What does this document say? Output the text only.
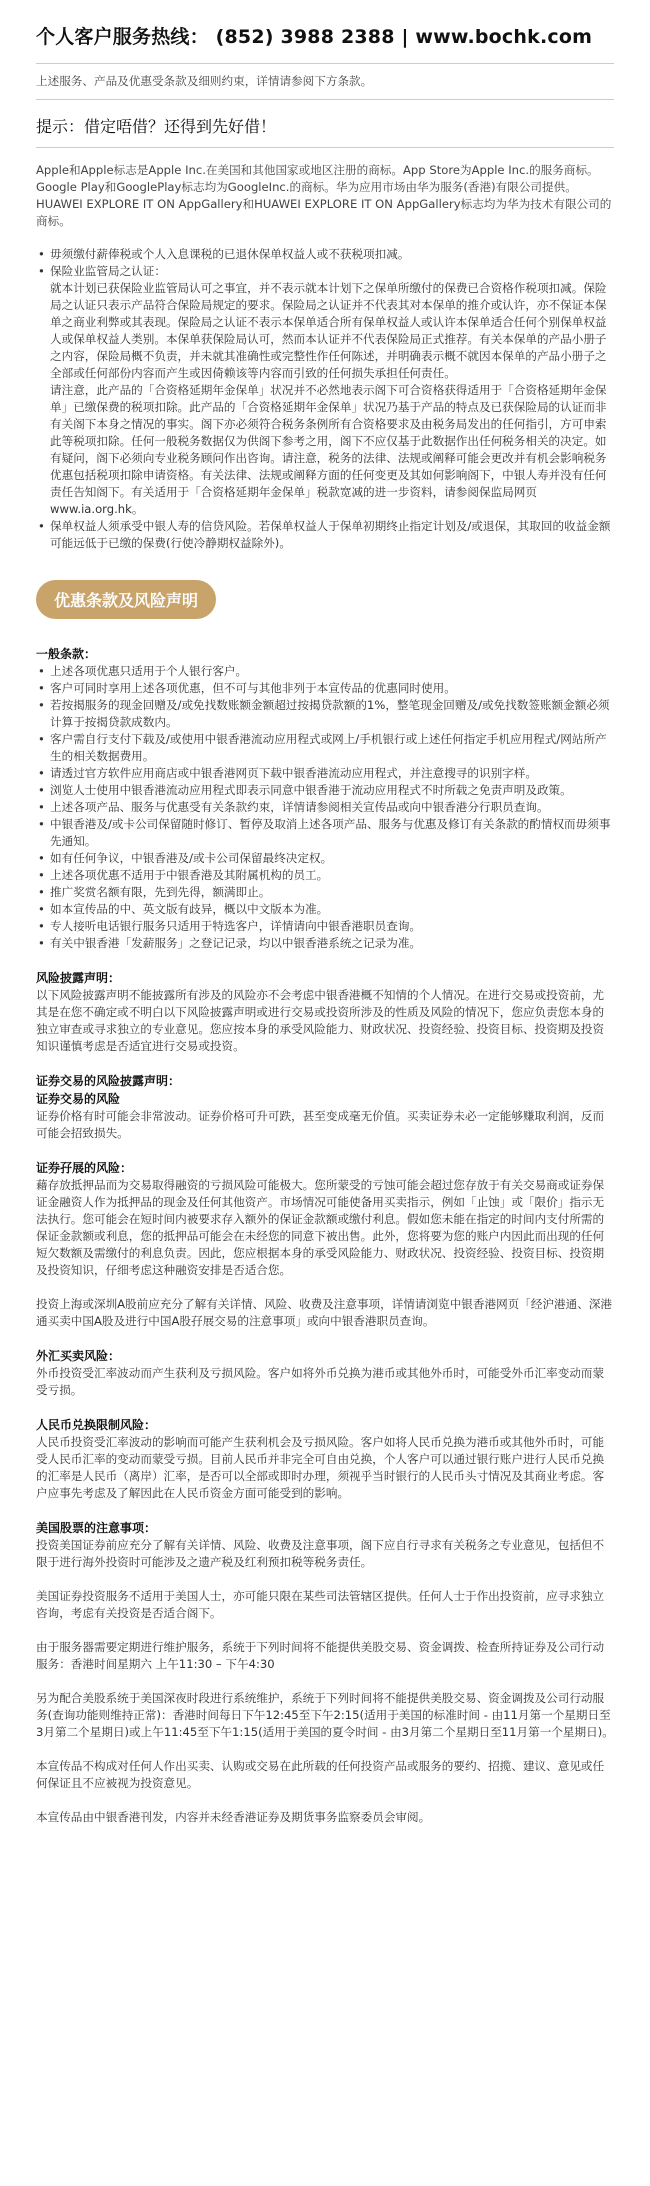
个人客户服务热线： (852) 3988 2388 | www.bochk.com

上述服务、产品及优惠受条款及细则约束，详情请参阅下方条款。

提示：借定唔借？还得到先好借！

Apple和Apple标志是Apple Inc.在美国和其他国家或地区注册的商标。App Store为Apple Inc.的服务商标。Google Play和GooglePlay标志均为GoogleInc.的商标。华为应用市场由华为服务(香港)有限公司提供。HUAWEI EXPLORE IT ON AppGallery和HUAWEI EXPLORE IT ON AppGallery标志均为华为技术有限公司的商标。

• 毋须缴付薪俸税或个人入息课税的已退休保单权益人或不获税项扣减。
• 保险业监管局之认证：

就本计划已获保险业监管局认可之事宜，并不表示就本计划下之保单所缴付的保费已合资格作税项扣减。保险局之认证只表示产品符合保险局规定的要求。保险局之认证并不代表其对本保单的推介或认许，亦不保证本保单之商业利弊或其表现。保险局之认证不表示本保单适合所有保单权益人或认许本保单适合任何个别保单权益人或保单权益人类别。本保单获保险局认可，然而本认证并不代表保险局正式推荐。有关本保单的产品小册子之内容，保险局概不负责，并未就其准确性或完整性作任何陈述，并明确表示概不就因本保单的产品小册子之全部或任何部份内容而产生或因倚赖该等内容而引致的任何损失承担任何责任。

请注意，此产品的「合资格延期年金保单」状况并不必然地表示阁下可合资格获得适用于「合资格延期年金保单」已缴保费的税项扣除。此产品的「合资格延期年金保单」状况乃基于产品的特点及已获保险局的认证而非有关阁下本身之情况的事实。阁下亦必须符合税务条例所有合资格要求及由税务局发出的任何指引，方可申索此等税项扣除。任何一般税务数据仅为供阁下参考之用，阁下不应仅基于此数据作出任何税务相关的决定。如有疑问，阁下必须向专业税务顾问作出咨询。请注意，税务的法律、法规或阐释可能会更改并有机会影响税务优惠包括税项扣除申请资格。有关法律、法规或阐释方面的任何变更及其如何影响阁下，中银人寿并没有任何责任告知阁下。有关适用于「合资格延期年金保单」税款宽减的进一步资料，请参阅保监局网页www.ia.org.hk。

• 保单权益人须承受中银人寿的信贷风险。若保单权益人于保单初期终止指定计划及/或退保，其取回的收益金额可能远低于已缴的保费(行使冷静期权益除外)。
优惠条款及风险声明
一般条款：
• 上述各项优惠只适用于个人银行客户。
• 客户可同时享用上述各项优惠，但不可与其他非列于本宣传品的优惠同时使用。
• 若按揭服务的现金回赠及/或免找数账额金额超过按揭贷款额的1%，整笔现金回赠及/或免找数签账额金额必须计算于按揭贷款成数内。
• 客户需自行支付下载及/或使用中银香港流动应用程式或网上/手机银行或上述任何指定手机应用程式/网站所产生的相关数据费用。
• 请透过官方软件应用商店或中银香港网页下载中银香港流动应用程式，并注意搜寻的识别字样。
• 浏览人士使用中银香港流动应用程式即表示同意中银香港于流动应用程式不时所载之免责声明及政策。
• 上述各项产品、服务与优惠受有关条款约束，详情请参阅相关宣传品或向中银香港分行职员查询。
• 中银香港及/或卡公司保留随时修订、暂停及取消上述各项产品、服务与优惠及修订有关条款的酌情权而毋须事先通知。
• 如有任何争议，中银香港及/或卡公司保留最终决定权。
• 上述各项优惠不适用于中银香港及其附属机构的员工。
• 推广奖赏名额有限，先到先得，额满即止。
• 如本宣传品的中、英文版有歧异，概以中文版本为准。
• 专人接听电话银行服务只适用于特选客户，详情请向中银香港职员查询。
• 有关中银香港「发薪服务」之登记记录，均以中银香港系统之记录为准。
风险披露声明：

以下风险披露声明不能披露所有涉及的风险亦不会考虑中银香港概不知情的个人情况。在进行交易或投资前，尤其是在您不确定或不明白以下风险披露声明或进行交易或投资所涉及的性质及风险的情况下，您应负责您本身的独立审查或寻求独立的专业意见。您应按本身的承受风险能力、财政状况、投资经验、投资目标、投资期及投资知识谨慎考虑是否适宜进行交易或投资。

证券交易的风险披露声明：
证券交易的风险

证券价格有时可能会非常波动。证券价格可升可跌，甚至变成毫无价值。买卖证券未必一定能够赚取利润，反而可能会招致损失。

证券孖展的风险：

藉存放抵押品而为交易取得融资的亏损风险可能极大。您所蒙受的亏蚀可能会超过您存放于有关交易商或证券保证金融资人作为抵押品的现金及任何其他资产。市场情况可能使备用买卖指示，例如「止蚀」或「限价」指示无法执行。您可能会在短时间内被要求存入额外的保证金款额或缴付利息。假如您未能在指定的时间内支付所需的保证金款额或利息，您的抵押品可能会在未经您的同意下被出售。此外，您将要为您的账户内因此而出现的任何短欠数额及需缴付的利息负责。因此，您应根据本身的承受风险能力、财政状况、投资经验、投资目标、投资期及投资知识，仔细考虑这种融资安排是否适合您。

投资上海或深圳A股前应充分了解有关详情、风险、收费及注意事项，详情请浏览中银香港网页「经沪港通、深港通买卖中国A股及进行中国A股孖展交易的注意事项」或向中银香港职员查询。

外汇买卖风险：

外币投资受汇率波动而产生获利及亏损风险。客户如将外币兑换为港币或其他外币时，可能受外币汇率变动而蒙受亏损。

人民币兑换限制风险：

人民币投资受汇率波动的影响而可能产生获利机会及亏损风险。客户如将人民币兑换为港币或其他外币时，可能受人民币汇率的变动而蒙受亏损。目前人民币并非完全可自由兑换，个人客户可以通过银行账户进行人民币兑换的汇率是人民币（离岸）汇率，是否可以全部或即时办理，须视乎当时银行的人民币头寸情况及其商业考虑。客户应事先考虑及了解因此在人民币资金方面可能受到的影响。

美国股票的注意事项：

投资美国证券前应充分了解有关详情、风险、收费及注意事项，阁下应自行寻求有关税务之专业意见，包括但不限于进行海外投资时可能涉及之遗产税及红利预扣税等税务责任。

美国证券投资服务不适用于美国人士，亦可能只限在某些司法管辖区提供。任何人士于作出投资前，应寻求独立咨询，考虑有关投资是否适合阁下。

由于服务器需要定期进行维护服务，系统于下列时间将不能提供美股交易、资金调拨、检查所持证券及公司行动服务：香港时间星期六 上午11:30 – 下午4:30

另为配合美股系统于美国深夜时段进行系统维护，系统于下列时间将不能提供美股交易、资金调拨及公司行动服务(查询功能则维持正常)：香港时间每日下午12:45至下午2:15(适用于美国的标准时间 - 由11月第一个星期日至3月第二个星期日)或上午11:45至下午1:15(适用于美国的夏令时间 - 由3月第二个星期日至11月第一个星期日)。

本宣传品不构成对任何人作出买卖、认购或交易在此所载的任何投资产品或服务的要约、招揽、建议、意见或任何保证且不应被视为投资意见。

本宣传品由中银香港刊发，内容并未经香港证券及期货事务监察委员会审阅。
